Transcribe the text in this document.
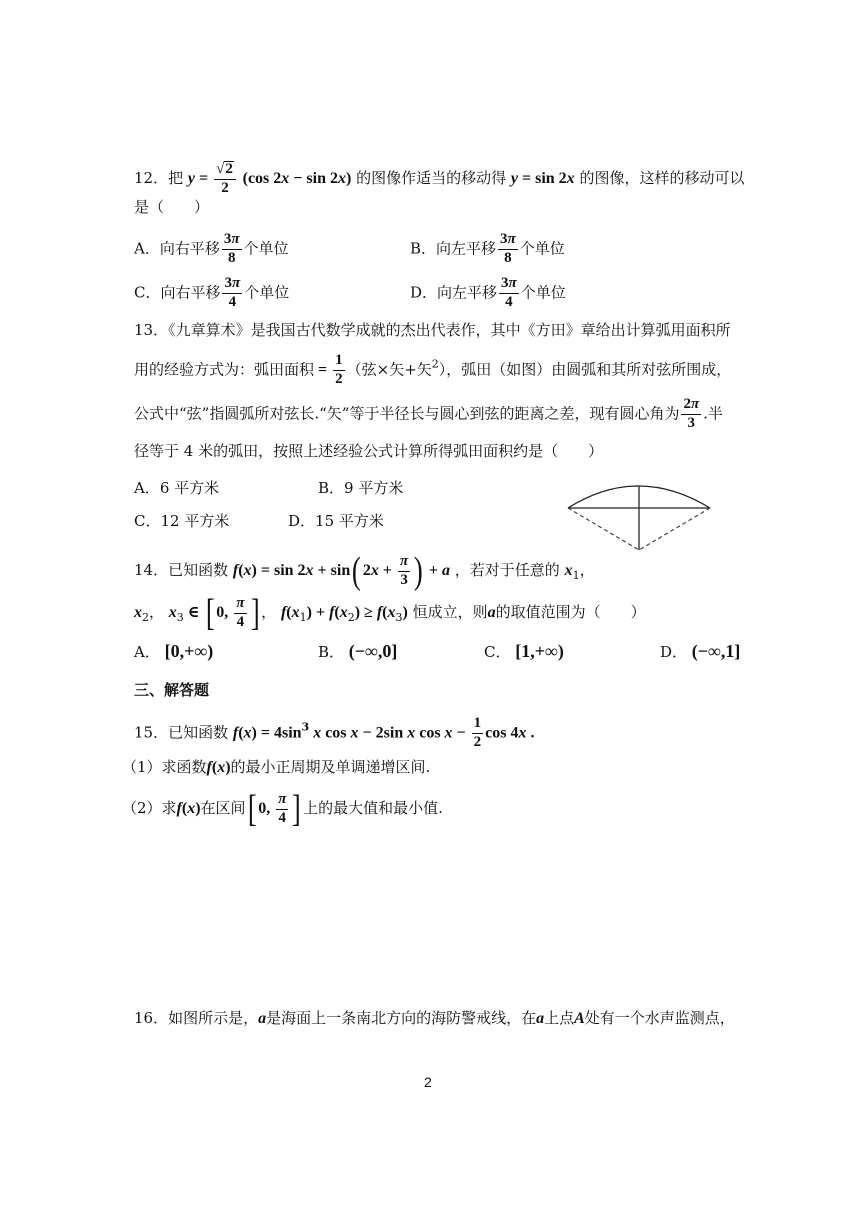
12．把 $y = \frac{√2}{2} (\cos$ 2x − sin 2x) 的图像作适当的移动得 y = sin 2x 的图像，这样的移动可以
是（　　）
A．向右平移 $\frac{3\pi}{8}$ 个单位	B．向左平移 $\frac{3\pi}{8}$ 个单位
C．向右平移 $\frac{3\pi}{4}$ 个单位	D．向左平移 $\frac{3\pi}{4}$ 个单位
13．《九章算术》是我国古代数学成就的杰出代表作，其中《方田》章给出计算弧用面积所
用的经验方式为：弧田面积 = $\frac{1}{2}$ （弦×矢+矢$^2$），弧田（如图）由圆弧和其所对弦所围成，
公式中“弦”指圆弧所对弦长.“矢”等于半径长与圆心到弦的距离之差，现有圆心角为 $\frac{2\pi}{3}$ .半
径等于 4 米的弧田，按照上述经验公式计算所得弧田面积约是（　　）
A．6 平方米	B．9 平方米
C．12 平方米	D．15 平方米
14．已知函数 f(x) = sin 2x + sin( $2x + \frac{\pi}{3}$ ) + a ，若对于任意的 $x_1$，
$x_2$， $x_3$ ∈ [ 0, $\frac{\pi}{4}$ ] ， $f(x_1) + f(x_2) \ge f(x_3)$ 恒成立，则a的取值范围为（　　）
A． [0,+∞)	B． (−∞,0]	C． [1,+∞)	D． (−∞,1]
三、解答题
15．已知函数 $f(x) = 4\sin^3$ x cos x − 2sin x $\cos x - \frac{1}{2}$ cos 4x .
（1）求函数f(x)的最小正周期及单调递增区间.
（2）求f(x)在区间[ 0, $\frac{\pi}{4}$ ] 上的最大值和最小值.
16．如图所示是，a是海面上一条南北方向的海防警戒线，在a上点A处有一个水声监测点，
2
